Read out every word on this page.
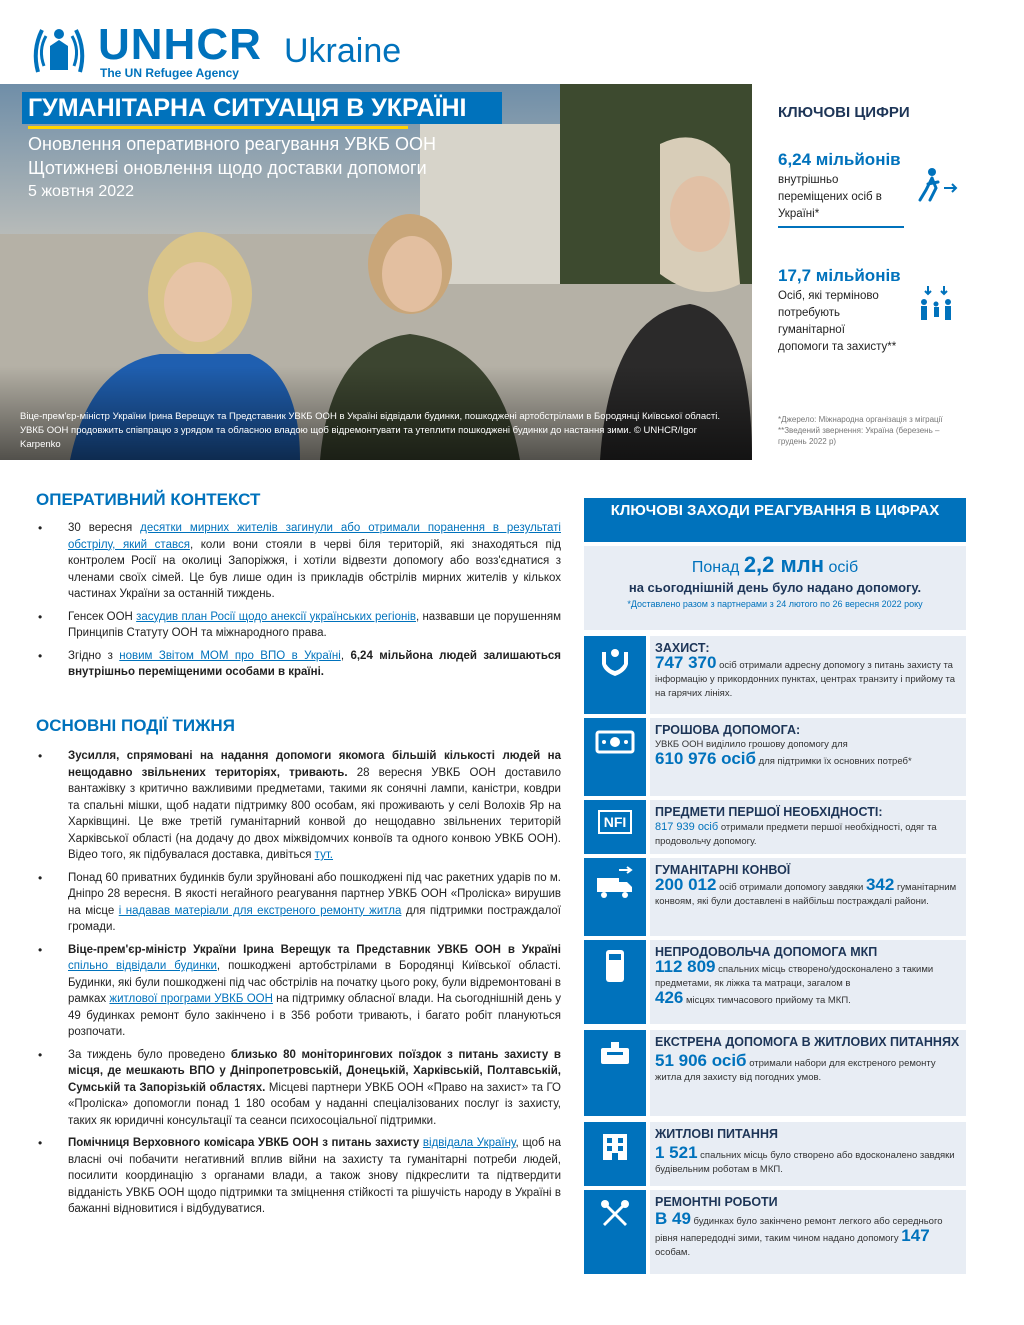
UNHCR
The UN Refugee Agency
Ukraine
ГУМАНІТАРНА СИТУАЦІЯ В УКРАЇНІ
Оновлення оперативного реагування УВКБ ООН
Щотижневі оновлення щодо доставки допомоги
5 жовтня 2022
Віце-прем'єр-міністр України Ірина Верещук та Представник УВКБ ООН в Україні відвідали будинки, пошкоджені артобстрілами в Бородянці Київської області. УВКБ ООН продовжить співпрацю з урядом та обласною владою щоб відремонтувати та утеплити пошкоджені будинки до настання зими. © UNHCR/Igor Karpenko
КЛЮЧОВІ ЦИФРИ
6,24 мільйонів
внутрішньо переміщених осіб в Україні*
17,7 мільйонів
Осіб, які терміново потребують гуманітарної допомоги та захисту**
*Джерело: Міжнародна організація з міграції
**Зведений звернення: Україна (березень – грудень 2022 р)
ОПЕРАТИВНИЙ КОНТЕКСТ
• 30 вересня десятки мирних жителів загинули або отримали поранення в результаті обстрілу, який стався, коли вони стояли в черві біля територій, які знаходяться під контролем Росії на околиці Запоріжжя, і хотіли відвезти допомогу або возз'єднатися з членами своїх сімей. Це був лише один із прикладів обстрілів мирних жителів у кількох частинах України за останній тиждень.
• Генсек ООН засудив план Росії щодо анексії українських регіонів, назвавши це порушенням Принципів Статуту ООН та міжнародного права.
• Згідно з новим Звітом МОМ про ВПО в Україні, 6,24 мільйона людей залишаються внутрішньо переміщеними особами в країні.
ОСНОВНІ ПОДІЇ ТИЖНЯ
• Зусилля, спрямовані на надання допомоги якомога більшій кількості людей на нещодавно звільнених територіях, тривають. 28 вересня УВКБ ООН доставило вантажівку з критично важливими предметами, такими як сонячні лампи, каністри, ковдри та спальні мішки, щоб надати підтримку 800 особам, які проживають у селі Волохів Яр на Харківщині. Це вже третій гуманітарний конвой до нещодавно звільнених територій Харківської області (на додачу до двох міжвідомчих конвоїв та одного конвою УВКБ ООН). Відео того, як підбувалася доставка, дивіться тут.
• Понад 60 приватних будинків були зруйновані або пошкоджені під час ракетних ударів по м. Дніпро 28 вересня. В якості негайного реагування партнер УВКБ ООН «Проліска» вирушив на місце і надавав матеріали для екстреного ремонту житла для підтримки постраждалої громади.
• Віце-прем'єр-міністр України Ірина Верещук та Представник УВКБ ООН в Україні спільно відвідали будинки, пошкоджені артобстрілами в Бородянці Київської області. Будинки, які були пошкоджені під час обстрілів на початку цього року, були відремонтовані в рамках житлової програми УВКБ ООН на підтримку обласної влади. На сьогоднішній день у 49 будинках ремонт було закінчено і в 356 роботи тривають, і багато робіт плануються розпочати.
• За тиждень було проведено близько 80 моніторингових поїздок з питань захисту в місця, де мешкають ВПО у Дніпропетровській, Донецькій, Харківській, Полтавській, Сумській та Запорізькій областях. Місцеві партнери УВКБ ООН «Право на захист» та ГО «Проліска» допомогли понад 1 180 особам у наданні спеціалізованих послуг із захисту, таких як юридичні консультації та сеанси психосоціальної підтримки.
• Помічниця Верховного комісара УВКБ ООН з питань захисту відвідала Україну, щоб на власні очі побачити негативний вплив війни на захисту та гуманітарні потреби людей, посилити координацію з органами влади, а також знову підкреслити та підтвердити відданість УВКБ ООН щодо підтримки та зміцнення стійкості та рішучість народу в Україні в бажанні відновитися і відбудуватися.
КЛЮЧОВІ ЗАХОДИ РЕАГУВАННЯ В ЦИФРАХ
Понад 2,2 млн осіб
на сьогоднішній день було надано допомогу.
*Доставлено разом з партнерами з 24 лютого по 26 вересня 2022 року
ЗАХИСТ:
747 370 осіб отримали адресну допомогу з питань захисту та інформацію у прикордонних пунктах, центрах транзиту і прийому та на гарячих лініях.
ГРОШОВА ДОПОМОГА:
УВКБ ООН виділило грошову допомогу для
610 976 осіб для підтримки їх основних потреб*
NFI
ПРЕДМЕТИ ПЕРШОЇ НЕОБХІДНОСТІ:
817 939 осіб отримали предмети першої необхідності, одяг та продовольчу допомогу.
ГУМАНІТАРНІ КОНВОЇ
200 012 осіб отримали допомогу завдяки 342 гуманітарним конвоям, які були доставлені в найбільш постраждалі райони.
НЕПРОДОВОЛЬЧА ДОПОМОГА МКП
112 809 спальних місць створено/удосконалено з такими предметами, як ліжка та матраци, загалом в
426 місцях тимчасового прийому та МКП.
ЕКСТРЕНА ДОПОМОГА В ЖИТЛОВИХ ПИТАННЯХ
51 906 осіб отримали набори для екстреного ремонту житла для захисту від погодних умов.
ЖИТЛОВІ ПИТАННЯ
1 521 спальних місць було створено або вдосконалено завдяки будівельним роботам в МКП.
РЕМОНТНІ РОБОТИ
В 49 будинках було закінчено ремонт легкого або середнього рівня напередодні зими, таким чином надано допомогу 147 особам.
